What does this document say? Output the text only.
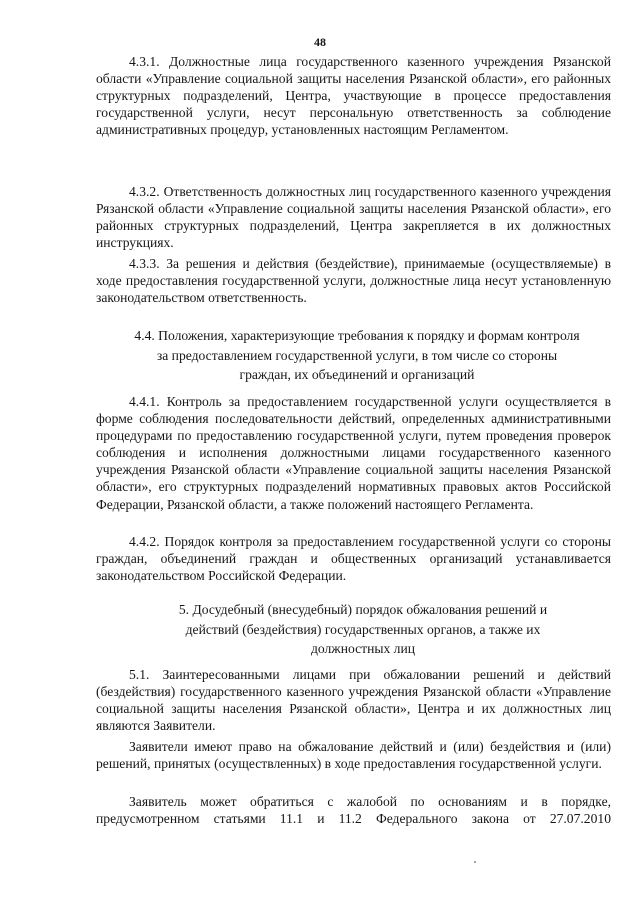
48
4.3.1. Должностные лица государственного казенного учреждения Рязанской области «Управление социальной защиты населения Рязанской области», его районных структурных подразделений, Центра, участвующие в процессе предоставления государственной услуги, несут персональную ответственность за соблюдение административных процедур, установленных настоящим Регламентом.
4.3.2. Ответственность должностных лиц государственного казенного учреждения Рязанской области «Управление социальной защиты населения Рязанской области», его районных структурных подразделений, Центра закрепляется в их должностных инструкциях.
4.3.3. За решения и действия (бездействие), принимаемые (осуществляемые) в ходе предоставления государственной услуги, должностные лица несут установленную законодательством ответственность.
4.4. Положения, характеризующие требования к порядку и формам контроля за предоставлением государственной услуги, в том числе со стороны граждан, их объединений и организаций
4.4.1. Контроль за предоставлением государственной услуги осуществляется в форме соблюдения последовательности действий, определенных административными процедурами по предоставлению государственной услуги, путем проведения проверок соблюдения и исполнения должностными лицами государственного казенного учреждения Рязанской области «Управление социальной защиты населения Рязанской области», его структурных подразделений нормативных правовых актов Российской Федерации, Рязанской области, а также положений настоящего Регламента.
4.4.2. Порядок контроля за предоставлением государственной услуги со стороны граждан, объединений граждан и общественных организаций устанавливается законодательством Российской Федерации.
5. Досудебный (внесудебный) порядок обжалования решений и действий (бездействия) государственных органов, а также их должностных лиц
5.1. Заинтересованными лицами при обжаловании решений и действий (бездействия) государственного казенного учреждения Рязанской области «Управление социальной защиты населения Рязанской области», Центра и их должностных лиц являются Заявители.
Заявители имеют право на обжалование действий и (или) бездействия и (или) решений, принятых (осуществленных) в ходе предоставления государственной услуги.
Заявитель может обратиться с жалобой по основаниям и в порядке, предусмотренном статьями 11.1 и 11.2 Федерального закона от 27.07.2010
